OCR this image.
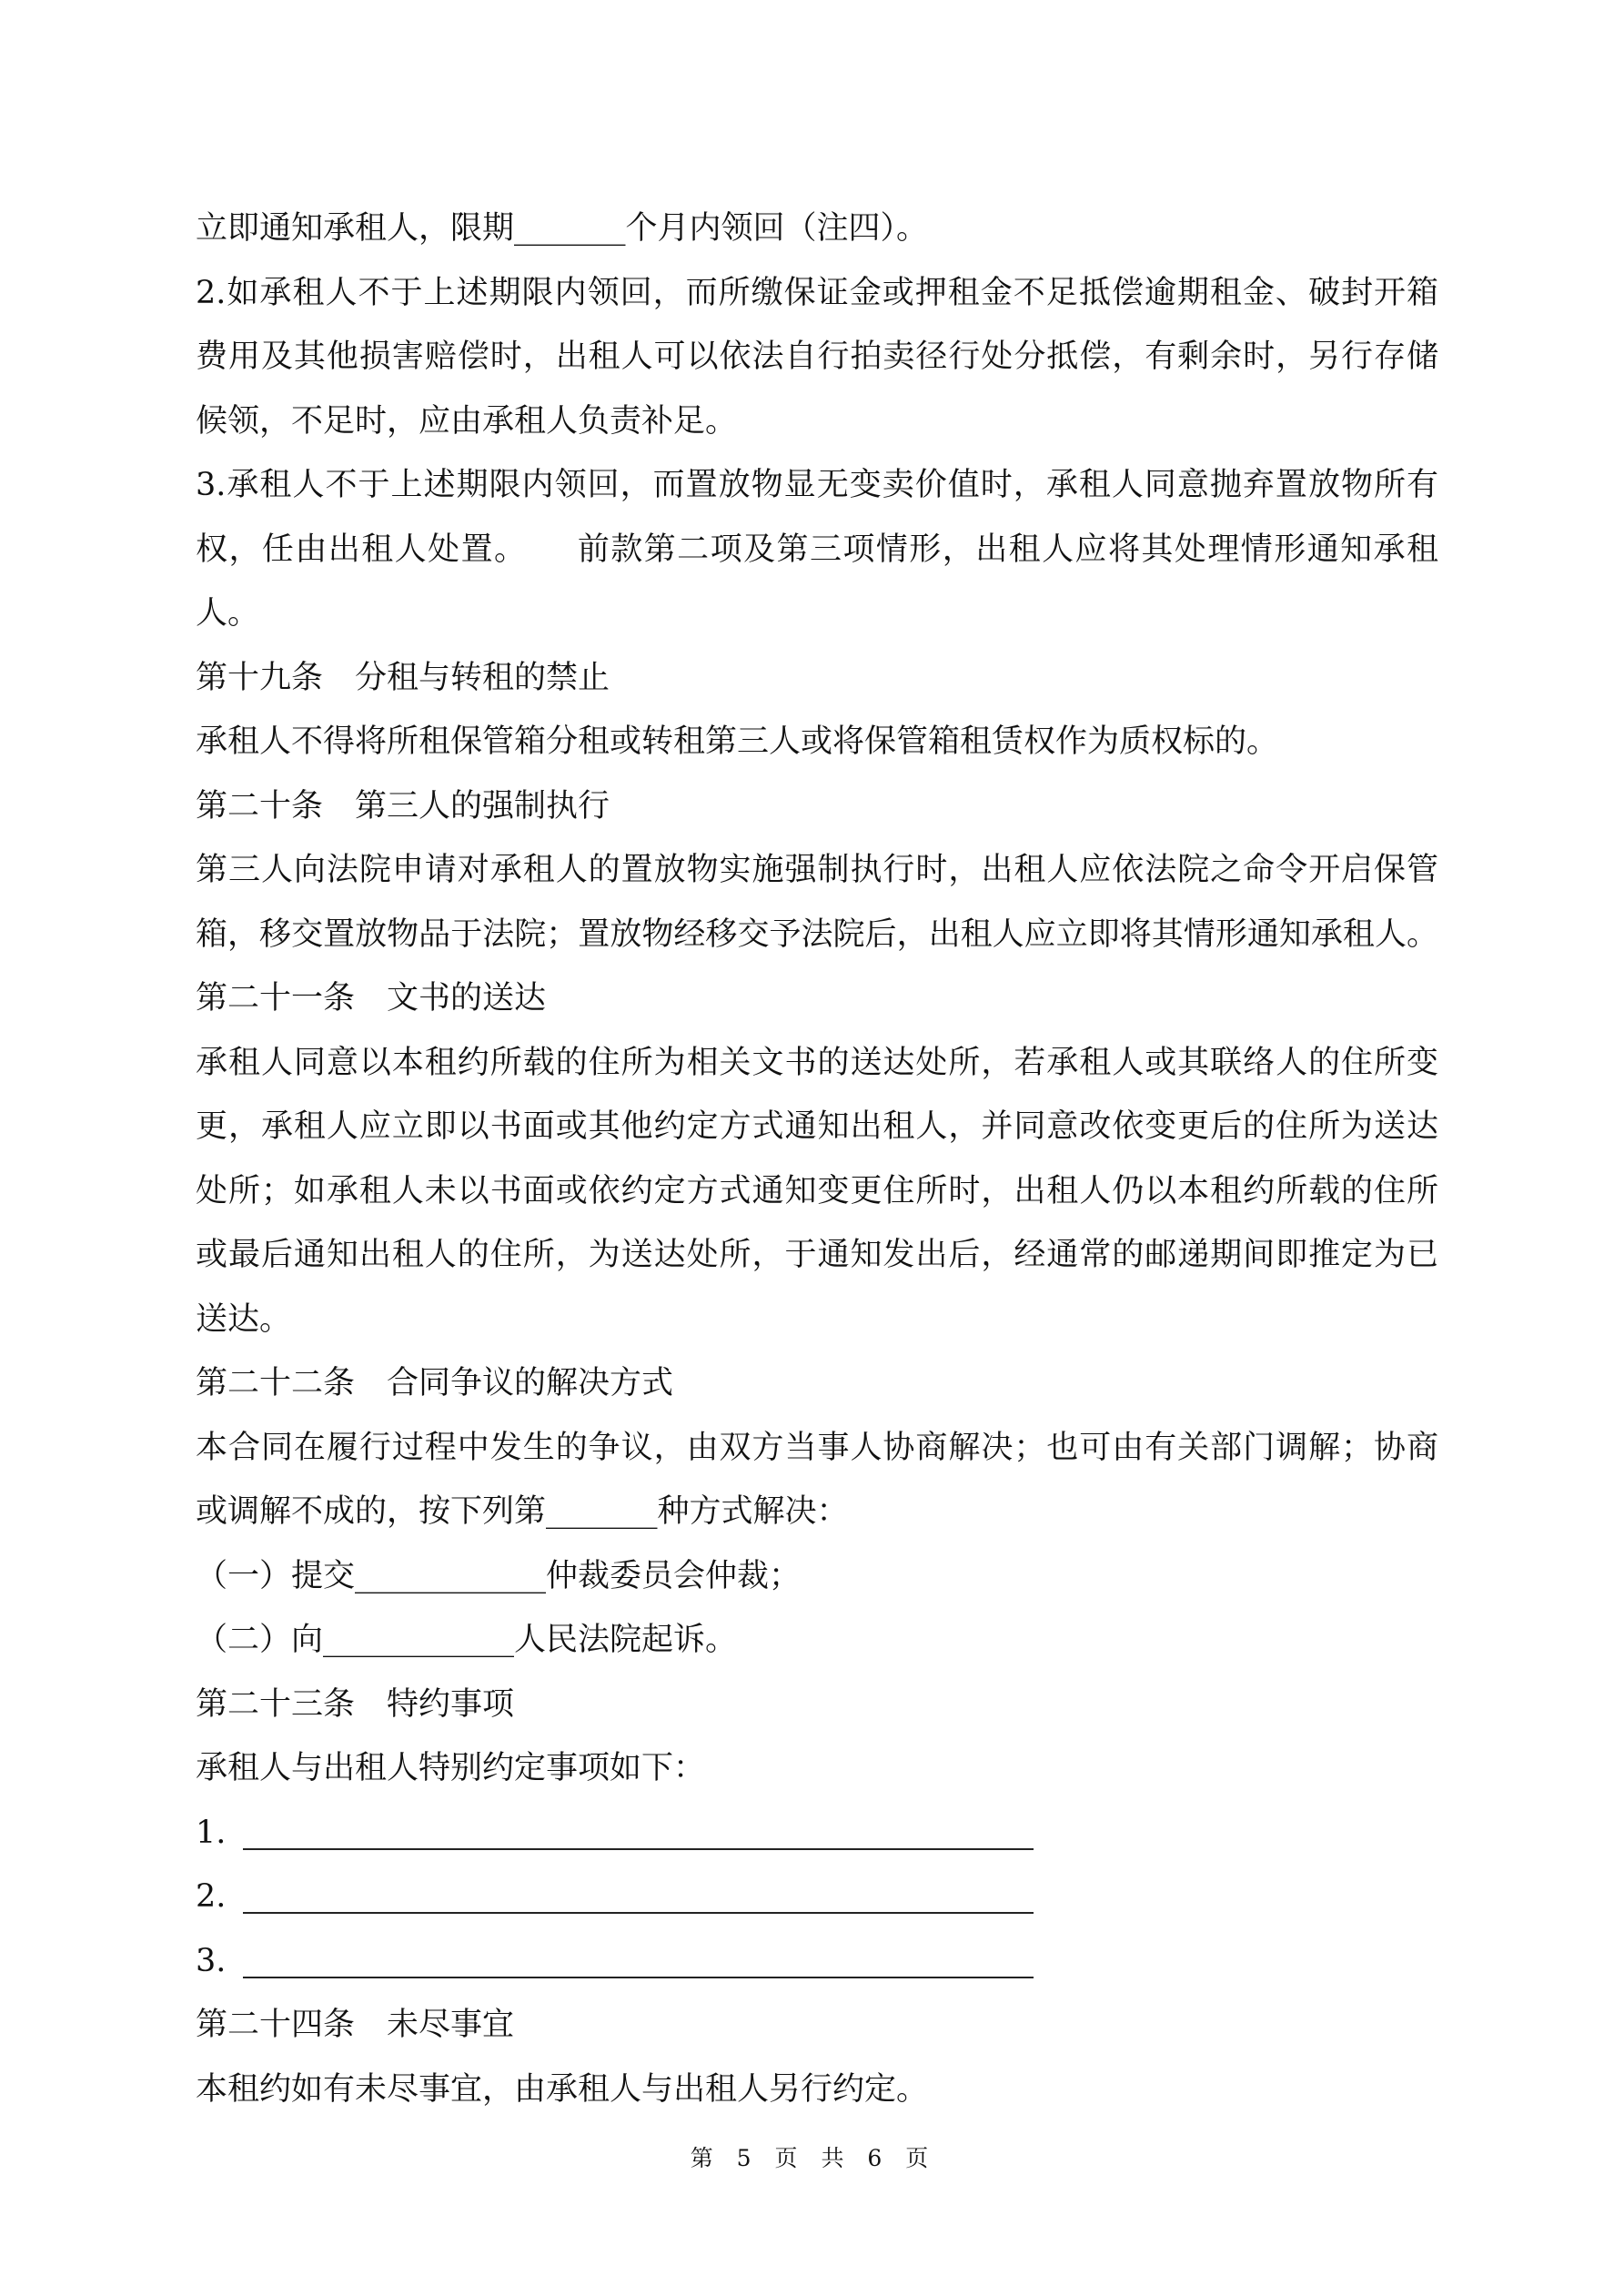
立即通知承租人，限期_______个月内领回（注四）。
2.如承租人不于上述期限内领回，而所缴保证金或押租金不足抵偿逾期租金、破封开箱
费用及其他损害赔偿时，出租人可以依法自行拍卖径行处分抵偿，有剩余时，另行存储
候领，不足时，应由承租人负责补足。
3.承租人不于上述期限内领回，而置放物显无变卖价值时，承租人同意抛弃置放物所有
权，任由出租人处置。　　前款第二项及第三项情形，出租人应将其处理情形通知承租
人。
第十九条　分租与转租的禁止
承租人不得将所租保管箱分租或转租第三人或将保管箱租赁权作为质权标的。
第二十条　第三人的强制执行
第三人向法院申请对承租人的置放物实施强制执行时，出租人应依法院之命令开启保管
箱，移交置放物品于法院；置放物经移交予法院后，出租人应立即将其情形通知承租人。
第二十一条　文书的送达
承租人同意以本租约所载的住所为相关文书的送达处所，若承租人或其联络人的住所变
更，承租人应立即以书面或其他约定方式通知出租人，并同意改依变更后的住所为送达
处所；如承租人未以书面或依约定方式通知变更住所时，出租人仍以本租约所载的住所
或最后通知出租人的住所，为送达处所，于通知发出后，经通常的邮递期间即推定为已
送达。
第二十二条　合同争议的解决方式
本合同在履行过程中发生的争议，由双方当事人协商解决；也可由有关部门调解；协商
或调解不成的，按下列第_______种方式解决：
（一）提交____________仲裁委员会仲裁；
（二）向____________人民法院起诉。
第二十三条　特约事项
承租人与出租人特别约定事项如下：
1.
2.
3.
第二十四条　未尽事宜
本租约如有未尽事宜，由承租人与出租人另行约定。
第 5 页 共 6 页
